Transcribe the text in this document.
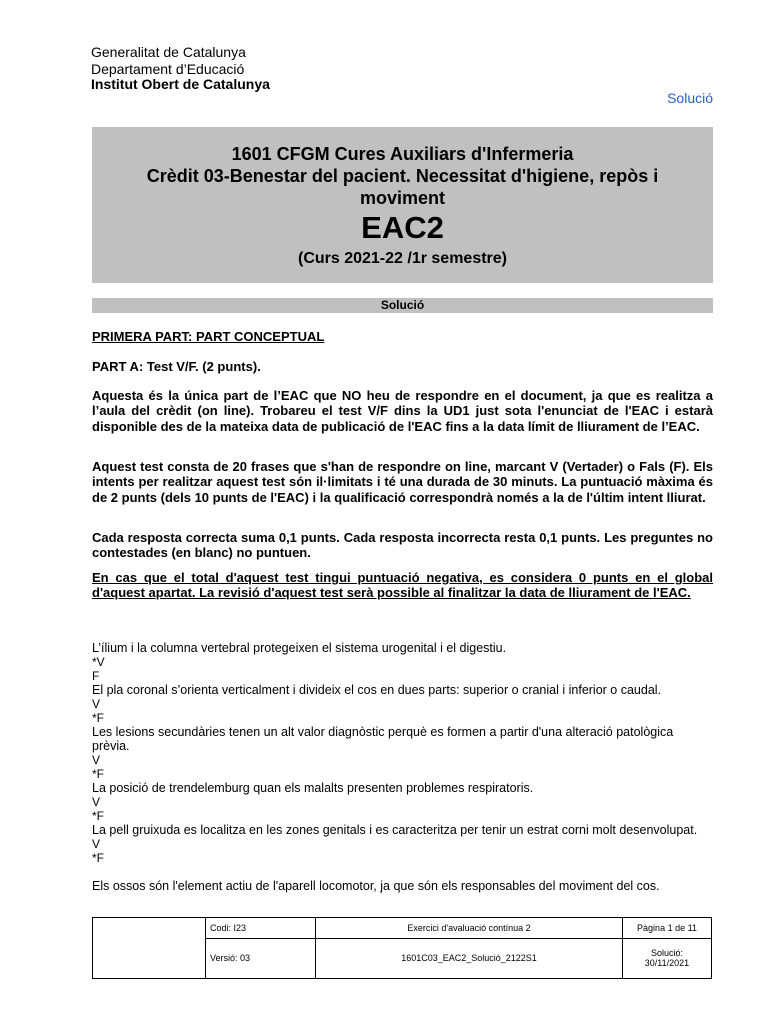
Generalitat de Catalunya
Departament d’Educació
Institut Obert de Catalunya
Solució
1601 CFGM Cures Auxiliars d'Infermeria
Crèdit 03-Benestar del pacient. Necessitat d'higiene, repòs i moviment
EAC2
(Curs 2021-22 /1r semestre)
Solució
PRIMERA PART: PART CONCEPTUAL
PART A: Test V/F. (2 punts).
Aquesta és la única part de l’EAC que NO heu de respondre en el document, ja que es realitza a l’aula del crèdit (on line). Trobareu el test V/F dins la UD1 just sota l'enunciat de l'EAC i estarà disponible des de la mateixa data de publicació de l'EAC fins a la data límit de lliurament de l’EAC.
Aquest test consta de 20 frases que s'han de respondre on line, marcant V (Vertader) o Fals (F). Els intents per realitzar aquest test són il·limitats i té una durada de 30 minuts. La puntuació màxima és de 2 punts (dels 10 punts de l'EAC) i la qualificació correspondrà només a la de l'últim intent lliurat.
Cada resposta correcta suma 0,1 punts. Cada resposta incorrecta resta 0,1 punts. Les preguntes no contestades (en blanc) no puntuen.
En cas que el total d'aquest test tingui puntuació negativa, es considera 0 punts en el global d'aquest apartat. La revisió d'aquest test serà possible al finalitzar la data de lliurament de l'EAC.
L’ílium i la columna vertebral protegeixen el sistema urogenital i el digestiu.
*V
F
El pla coronal s’orienta verticalment i divideix el cos en dues parts: superior o cranial i inferior o caudal.
V
*F
Les lesions secundàries tenen un alt valor diagnòstic perquè es formen a partir d'una alteració patològica prèvia.
V
*F
La posició de trendelemburg quan els malalts presenten problemes respiratoris.
V
*F
La pell gruixuda es localitza en les zones genitals i es caracteritza per tenir un estrat corni molt desenvolupat.
V
*F
Els ossos són l'element actiu de l'aparell locomotor, ja que són els responsables del moviment del cos.
	Codi: I23	Exercici d'avaluació contínua 2	Pàgina 1 de 11
	Versió: 03	1601C03_EAC2_Solució_2122S1	Solució:
30/11/2021
